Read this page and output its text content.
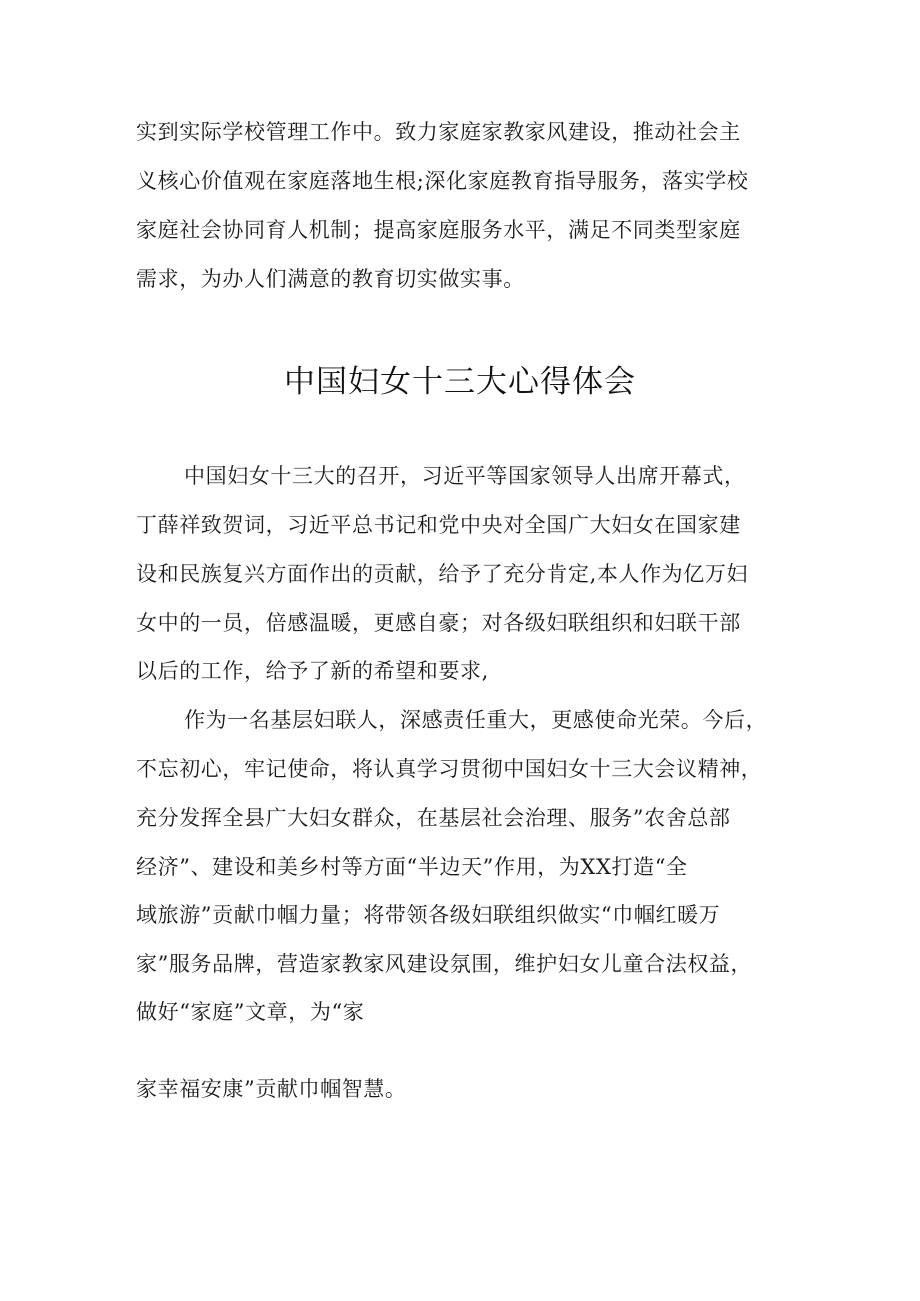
实到实际学校管理工作中。致力家庭家教家风建设，推动社会主
义核心价值观在家庭落地生根;深化家庭教育指导服务，落实学校
家庭社会协同育人机制；提高家庭服务水平，满足不同类型家庭
需求，为办人们满意的教育切实做实事。
中国妇女十三大心得体会
中国妇女十三大的召开，习近平等国家领导人出席开幕式，
丁薛祥致贺词，习近平总书记和党中央对全国广大妇女在国家建
设和民族复兴方面作出的贡献，给予了充分肯定,本人作为亿万妇
女中的一员，倍感温暖，更感自豪；对各级妇联组织和妇联干部
以后的工作，给予了新的希望和要求,
作为一名基层妇联人，深感责任重大，更感使命光荣。今后，
不忘初心，牢记使命，将认真学习贯彻中国妇女十三大会议精神，
充分发挥全县广大妇女群众，在基层社会治理、服务”农舍总部
经济”、建设和美乡村等方面“半边天”作用，为XX打造“全
域旅游”贡献巾帼力量；将带领各级妇联组织做实“巾帼红暖万
家”服务品牌，营造家教家风建设氛围，维护妇女儿童合法权益，
做好“家庭”文章，为“家
家幸福安康”贡献巾帼智慧。
